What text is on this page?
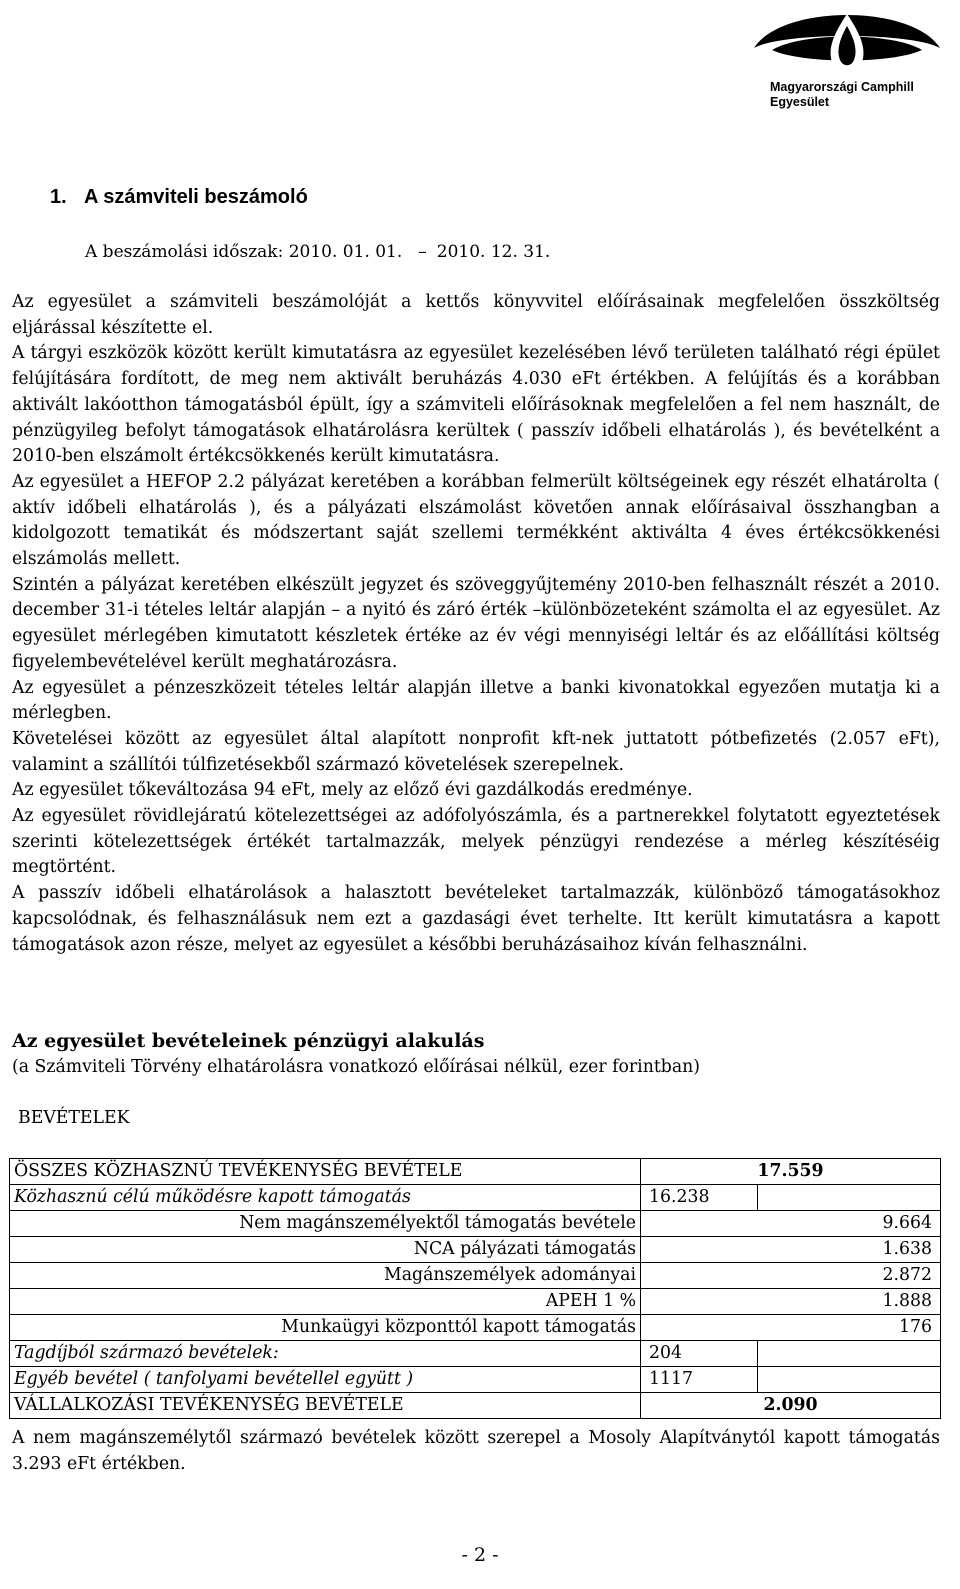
Magyarországi Camphill
Egyesület
1. A számviteli beszámoló
A beszámolási időszak: 2010. 01. 01. – 2010. 12. 31.

Az egyesület a számviteli beszámolóját a kettős könyvvitel előírásainak megfelelően összköltség eljárással készítette el.

A tárgyi eszközök között került kimutatásra az egyesület kezelésében lévő területen található régi épület felújítására fordított, de meg nem aktivált beruházás 4.030 eFt értékben. A felújítás és a korábban aktivált lakóotthon támogatásból épült, így a számviteli előírásoknak megfelelően a fel nem használt, de pénzügyileg befolyt támogatások elhatárolásra kerültek ( passzív időbeli elhatárolás ), és bevételként a 2010-ben elszámolt értékcsökkenés került kimutatásra.

Az egyesület a HEFOP 2.2 pályázat keretében a korábban felmerült költségeinek egy részét elhatárolta ( aktív időbeli elhatárolás ), és a pályázati elszámolást követően annak előírásaival összhangban a kidolgozott tematikát és módszertant saját szellemi termékként aktiválta 4 éves értékcsökkenési elszámolás mellett.

Szintén a pályázat keretében elkészült jegyzet és szöveggyűjtemény 2010-ben felhasznált részét a 2010. december 31-i tételes leltár alapján – a nyitó és záró érték –különbözeteként számolta el az egyesület. Az egyesület mérlegében kimutatott készletek értéke az év végi mennyiségi leltár és az előállítási költség figyelembevételével került meghatározásra.

Az egyesület a pénzeszközeit tételes leltár alapján illetve a banki kivonatokkal egyezően mutatja ki a mérlegben.

Követelései között az egyesület által alapított nonprofit kft-nek juttatott pótbefizetés (2.057 eFt), valamint a szállítói túlfizetésekből származó követelések szerepelnek.

Az egyesület tőkeváltozása 94 eFt, mely az előző évi gazdálkodás eredménye.

Az egyesület rövidlejáratú kötelezettségei az adófolyószámla, és a partnerekkel folytatott egyeztetések szerinti kötelezettségek értékét tartalmazzák, melyek pénzügyi rendezése a mérleg készítéséig megtörtént.

A passzív időbeli elhatárolások a halasztott bevételeket tartalmazzák, különböző támogatásokhoz kapcsolódnak, és felhasználásuk nem ezt a gazdasági évet terhelte. Itt került kimutatásra a kapott támogatások azon része, melyet az egyesület a későbbi beruházásaihoz kíván felhasználni.

Az egyesület bevételeinek pénzügyi alakulás
(a Számviteli Törvény elhatárolásra vonatkozó előírásai nélkül, ezer forintban)
BEVÉTELEK
ÖSSZES KÖZHASZNÚ TEVÉKENYSÉG BEVÉTELE	17.559	
Közhasznú célú működésre kapott támogatás	16.238	
Nem magánszemélyektől támogatás bevétele	9.664	
NCA pályázati támogatás	1.638	
Magánszemélyek adományai	2.872	
APEH 1 %	1.888	
Munkaügyi központtól kapott támogatás	176	
Tagdíjból származó bevételek:	204	
Egyéb bevétel ( tanfolyami bevétellel együtt )	1117	
VÁLLALKOZÁSI TEVÉKENYSÉG BEVÉTELE	2.090	
A nem magánszemélytől származó bevételek között szerepel a Mosoly Alapítványtól kapott támogatás 3.293 eFt értékben.
- 2 -
